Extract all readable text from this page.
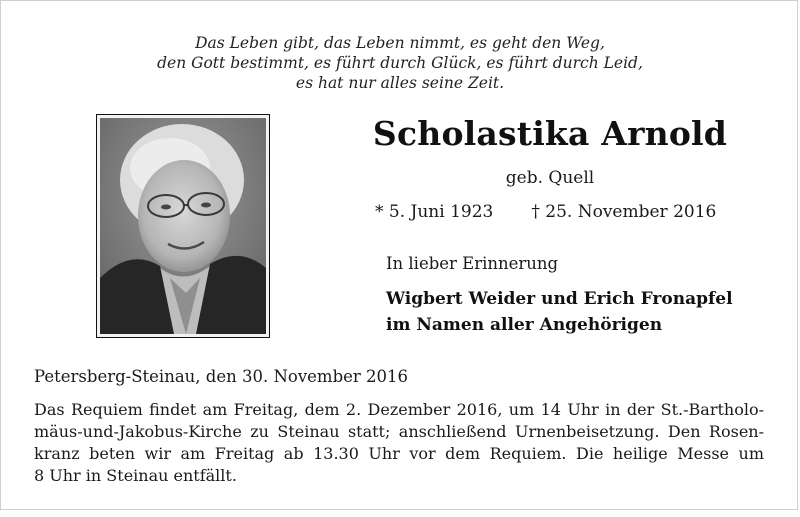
Das Leben gibt, das Leben nimmt, es geht den Weg,
den Gott bestimmt, es führt durch Glück, es führt durch Leid,
es hat nur alles seine Zeit.
Scholastika Arnold
geb. Quell
* 5. Juni 1923 † 25. November 2016
In lieber Erinnerung
Wigbert Weider und Erich Fronapfel
im Namen aller Angehörigen
Petersberg-Steinau, den 30. November 2016
Das Requiem findet am Freitag, dem 2. Dezember 2016, um 14 Uhr in der St.-Bartholo-
mäus-und-Jakobus-Kirche zu Steinau statt; anschließend Urnenbeisetzung. Den Rosen-
kranz beten wir am Freitag ab 13.30 Uhr vor dem Requiem. Die heilige Messe um
8 Uhr in Steinau entfällt.
